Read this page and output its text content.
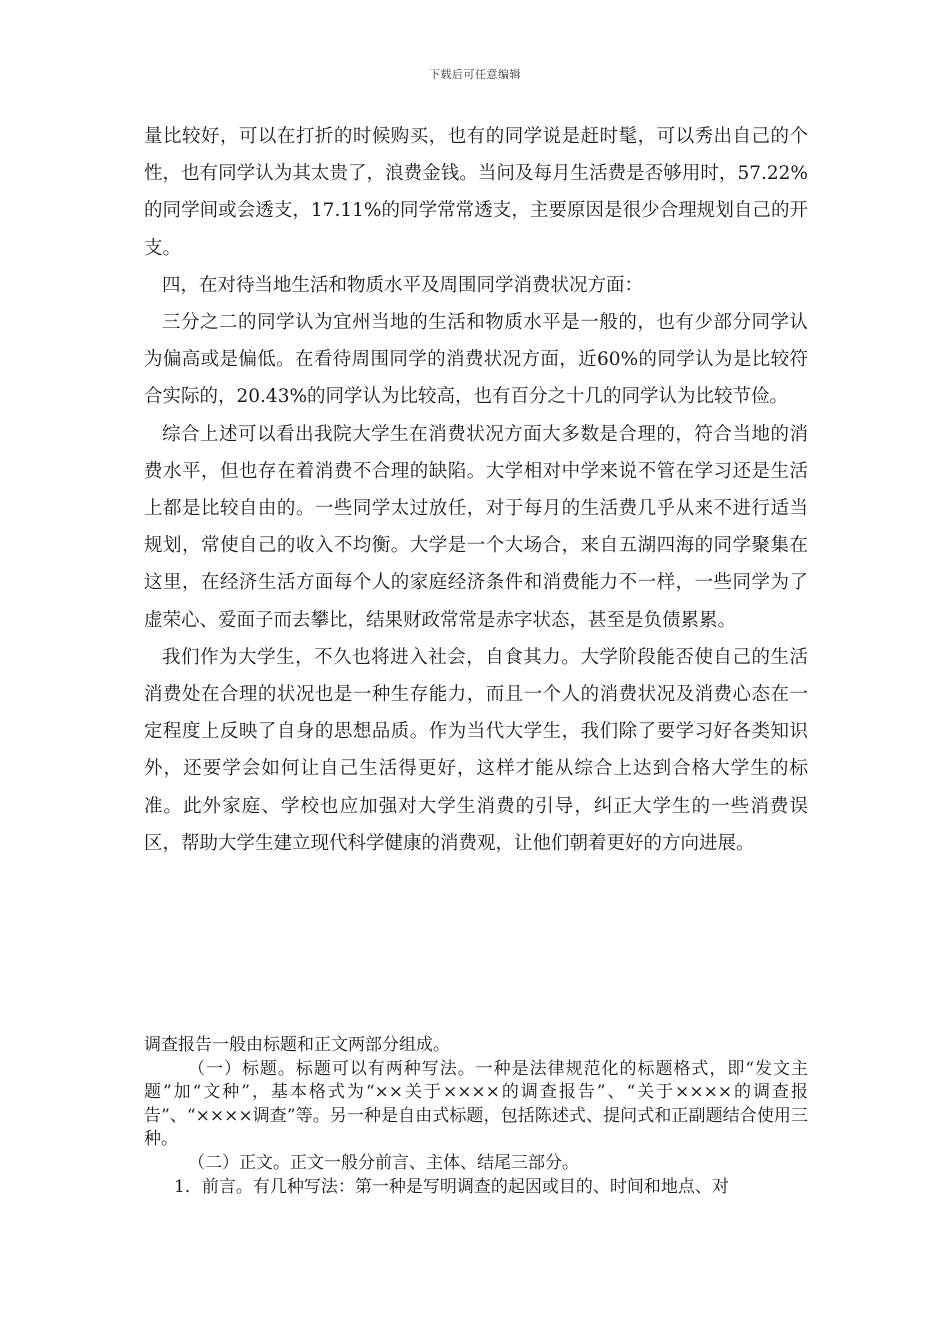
下载后可任意编辑

量比较好，可以在打折的时候购买，也有的同学说是赶时髦，可以秀出自己的个性，也有同学认为其太贵了，浪费金钱。当问及每月生活费是否够用时，57.22%的同学间或会透支，17.11%的同学常常透支，主要原因是很少合理规划自己的开支。

四，在对待当地生活和物质水平及周围同学消费状况方面：

三分之二的同学认为宜州当地的生活和物质水平是一般的，也有少部分同学认为偏高或是偏低。在看待周围同学的消费状况方面，近60%的同学认为是比较符合实际的，20.43%的同学认为比较高，也有百分之十几的同学认为比较节俭。

综合上述可以看出我院大学生在消费状况方面大多数是合理的，符合当地的消费水平，但也存在着消费不合理的缺陷。大学相对中学来说不管在学习还是生活上都是比较自由的。一些同学太过放任，对于每月的生活费几乎从来不进行适当规划，常使自己的收入不均衡。大学是一个大场合，来自五湖四海的同学聚集在这里，在经济生活方面每个人的家庭经济条件和消费能力不一样，一些同学为了虚荣心、爱面子而去攀比，结果财政常常是赤字状态，甚至是负债累累。

我们作为大学生，不久也将进入社会，自食其力。大学阶段能否使自己的生活消费处在合理的状况也是一种生存能力，而且一个人的消费状况及消费心态在一定程度上反映了自身的思想品质。作为当代大学生，我们除了要学习好各类知识外，还要学会如何让自己生活得更好，这样才能从综合上达到合格大学生的标准。此外家庭、学校也应加强对大学生消费的引导，纠正大学生的一些消费误区，帮助大学生建立现代科学健康的消费观，让他们朝着更好的方向进展。

调查报告一般由标题和正文两部分组成。

（一）标题。标题可以有两种写法。一种是法律规范化的标题格式，即“发文主题”加“文种”，基本格式为“××关于××××的调查报告”、“关于××××的调查报告”、“××××调查”等。另一种是自由式标题，包括陈述式、提问式和正副题结合使用三种。

（二）正文。正文一般分前言、主体、结尾三部分。

1．前言。有几种写法：第一种是写明调查的起因或目的、时间和地点、对
